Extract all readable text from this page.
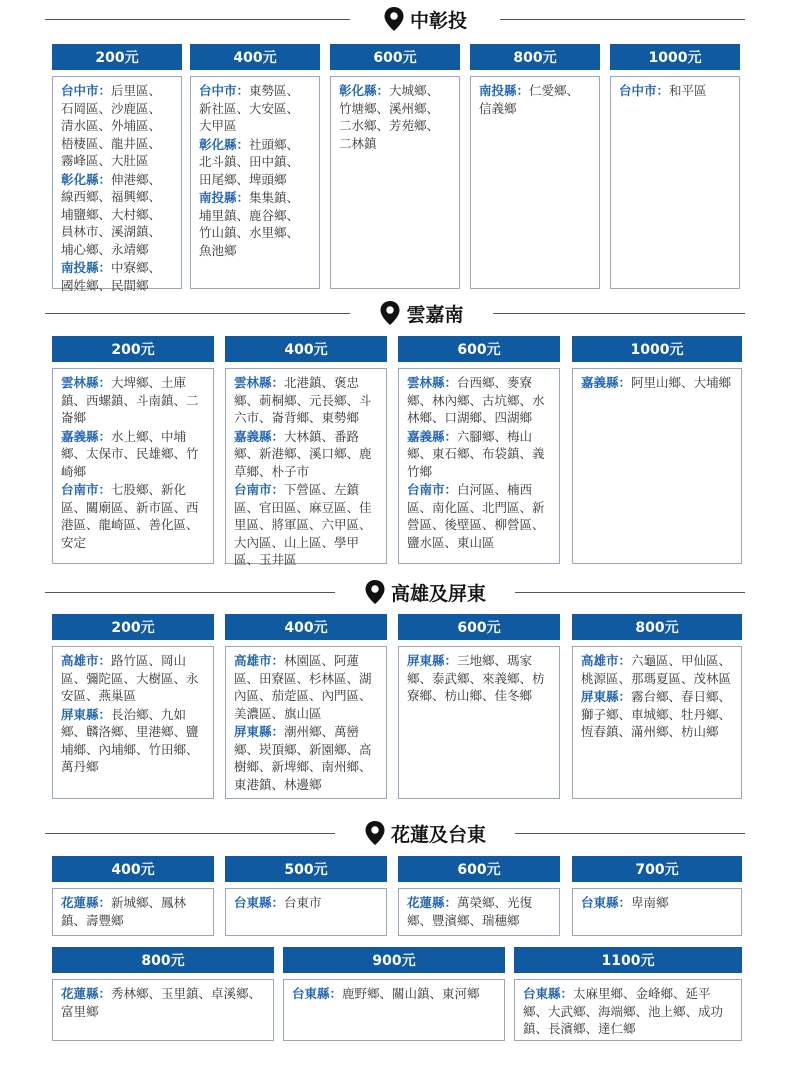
中彰投
200元
台中市：后里區、石岡區、沙鹿區、清水區、外埔區、梧棲區、龍井區、霧峰區、大肚區
彰化縣：伸港鄉、線西鄉、福興鄉、埔鹽鄉、大村鄉、員林市、溪湖鎮、埔心鄉、永靖鄉
南投縣：中寮鄉、國姓鄉、民間鄉
400元
台中市：東勢區、新社區、大安區、大甲區
彰化縣：社頭鄉、北斗鎮、田中鎮、田尾鄉、埤頭鄉
南投縣：集集鎮、埔里鎮、鹿谷鄉、竹山鎮、水里鄉、魚池鄉
600元
彰化縣：大城鄉、竹塘鄉、溪州鄉、二水鄉、芳苑鄉、二林鎮
800元
南投縣：仁愛鄉、信義鄉
1000元
台中市：和平區
雲嘉南
200元
雲林縣：大埤鄉、土庫鎮、西螺鎮、斗南鎮、二崙鄉
嘉義縣：水上鄉、中埔鄉、太保市、民雄鄉、竹崎鄉
台南市：七股鄉、新化區、關廟區、新市區、西港區、龍崎區、善化區、安定
400元
雲林縣：北港鎮、褒忠鄉、莿桐鄉、元長鄉、斗六市、崙背鄉、東勢鄉
嘉義縣：大林鎮、番路鄉、新港鄉、溪口鄉、鹿草鄉、朴子市
台南市：下營區、左鎮區、官田區、麻豆區、佳里區、將軍區、六甲區、大內區、山上區、學甲區、玉井區
600元
雲林縣：台西鄉、麥寮鄉、林內鄉、古坑鄉、水林鄉、口湖鄉、四湖鄉
嘉義縣：六腳鄉、梅山鄉、東石鄉、布袋鎮、義竹鄉
台南市：白河區、楠西區、南化區、北門區、新營區、後壁區、柳營區、鹽水區、東山區
1000元
嘉義縣：阿里山鄉、大埔鄉
高雄及屏東
200元
高雄市：路竹區、岡山區、彌陀區、大樹區、永安區、燕巢區
屏東縣：長治鄉、九如鄉、麟洛鄉、里港鄉、鹽埔鄉、內埔鄉、竹田鄉、萬丹鄉
400元
高雄市：林園區、阿蓮區、田寮區、杉林區、湖內區、茄萣區、內門區、美濃區、旗山區
屏東縣：潮州鄉、萬巒鄉、崁頂鄉、新園鄉、高樹鄉、新埤鄉、南州鄉、東港鎮、林邊鄉
600元
屏東縣：三地鄉、瑪家鄉、泰武鄉、來義鄉、枋寮鄉、枋山鄉、佳冬鄉
800元
高雄市：六龜區、甲仙區、桃源區、那瑪夏區、茂林區
屏東縣：霧台鄉、春日鄉、獅子鄉、車城鄉、牡丹鄉、恆春鎮、滿州鄉、枋山鄉
花蓮及台東
400元
花蓮縣：新城鄉、鳳林鎮、壽豐鄉
500元
台東縣：台東市
600元
花蓮縣：萬榮鄉、光復鄉、豐濱鄉、瑞穗鄉
700元
台東縣：卑南鄉
800元
花蓮縣：秀林鄉、玉里鎮、卓溪鄉、富里鄉
900元
台東縣：鹿野鄉、關山鎮、東河鄉
1100元
台東縣：太麻里鄉、金峰鄉、延平鄉、大武鄉、海端鄉、池上鄉、成功鎮、長濱鄉、達仁鄉
